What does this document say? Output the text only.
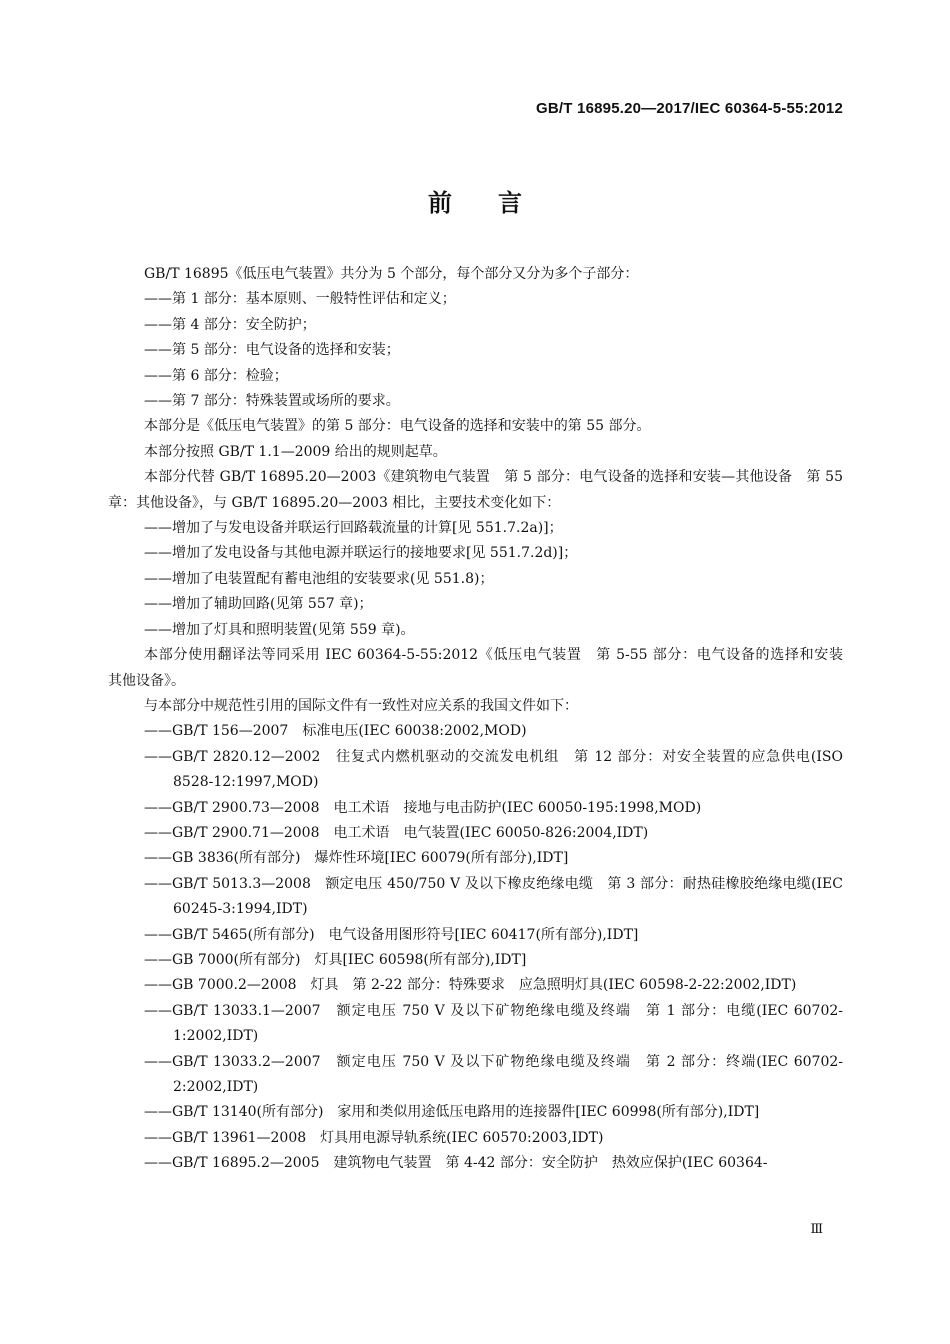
GB/T 16895.20—2017/IEC 60364-5-55:2012
前言

GB/T 16895《低压电气装置》共分为 5 个部分，每个部分又分为多个子部分：

——第 1 部分：基本原则、一般特性评估和定义；

——第 4 部分：安全防护；

——第 5 部分：电气设备的选择和安装；

——第 6 部分：检验；

——第 7 部分：特殊装置或场所的要求。

本部分是《低压电气装置》的第 5 部分：电气设备的选择和安装中的第 55 部分。

本部分按照 GB/T 1.1—2009 给出的规则起草。

本部分代替 GB/T 16895.20—2003《建筑物电气装置　第 5 部分：电气设备的选择和安装—其他设备　第 55 章：其他设备》，与 GB/T 16895.20—2003 相比，主要技术变化如下：

——增加了与发电设备并联运行回路载流量的计算[见 551.7.2a)]；

——增加了发电设备与其他电源并联运行的接地要求[见 551.7.2d)]；

——增加了电装置配有蓄电池组的安装要求(见 551.8)；

——增加了辅助回路(见第 557 章)；

——增加了灯具和照明装置(见第 559 章)。

本部分使用翻译法等同采用 IEC 60364-5-55:2012《低压电气装置　第 5-55 部分：电气设备的选择和安装　其他设备》。

与本部分中规范性引用的国际文件有一致性对应关系的我国文件如下：

——GB/T 156—2007　标准电压(IEC 60038:2002,MOD)

——GB/T 2820.12—2002　往复式内燃机驱动的交流发电机组　第 12 部分：对安全装置的应急供电(ISO 8528-12:1997,MOD)

——GB/T 2900.73—2008　电工术语　接地与电击防护(IEC 60050-195:1998,MOD)

——GB/T 2900.71—2008　电工术语　电气装置(IEC 60050-826:2004,IDT)

——GB 3836(所有部分)　爆炸性环境[IEC 60079(所有部分),IDT]

——GB/T 5013.3—2008　额定电压 450/750 V 及以下橡皮绝缘电缆　第 3 部分：耐热硅橡胶绝缘电缆(IEC 60245-3:1994,IDT)

——GB/T 5465(所有部分)　电气设备用图形符号[IEC 60417(所有部分),IDT]

——GB 7000(所有部分)　灯具[IEC 60598(所有部分),IDT]

——GB 7000.2—2008　灯具　第 2-22 部分：特殊要求　应急照明灯具(IEC 60598-2-22:2002,IDT)

——GB/T 13033.1—2007　额定电压 750 V 及以下矿物绝缘电缆及终端　第 1 部分：电缆(IEC 60702-1:2002,IDT)

——GB/T 13033.2—2007　额定电压 750 V 及以下矿物绝缘电缆及终端　第 2 部分：终端(IEC 60702-2:2002,IDT)

——GB/T 13140(所有部分)　家用和类似用途低压电路用的连接器件[IEC 60998(所有部分),IDT]

——GB/T 13961—2008　灯具用电源导轨系统(IEC 60570:2003,IDT)

——GB/T 16895.2—2005　建筑物电气装置　第 4-42 部分：安全防护　热效应保护(IEC 60364-

Ⅲ
